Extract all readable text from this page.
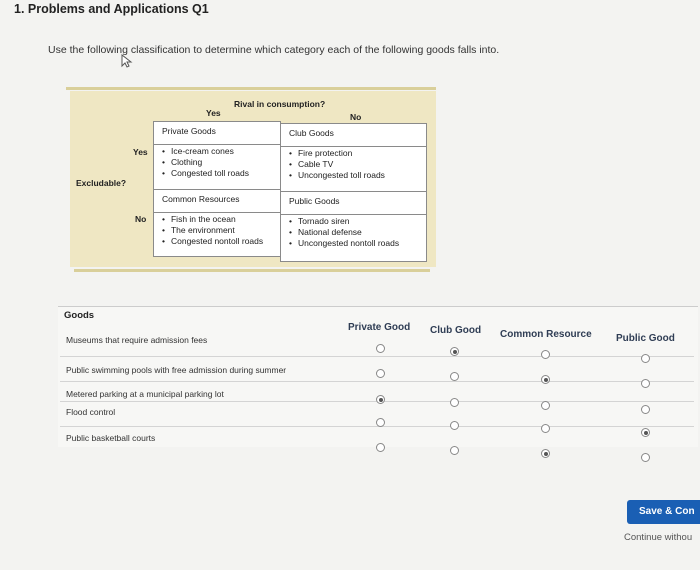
1. Problems and Applications Q1
Use the following classification to determine which category each of the following goods falls into.
Rival in consumption?
Yes	No
Excludable?
Yes
No
Private Goods
• Ice-cream cones
• Clothing
• Congested toll roads
Club Goods
• Fire protection
• Cable TV
• Uncongested toll roads
Common Resources
• Fish in the ocean
• The environment
• Congested nontoll roads
Public Goods
• Tornado siren
• National defense
• Uncongested nontoll roads
Goods
Private Good Club Good Common Resource Public Good
Museums that require admission fees
Public swimming pools with free admission during summer
Metered parking at a municipal parking lot
Flood control
Public basketball courts
Save & Con
Continue withou
